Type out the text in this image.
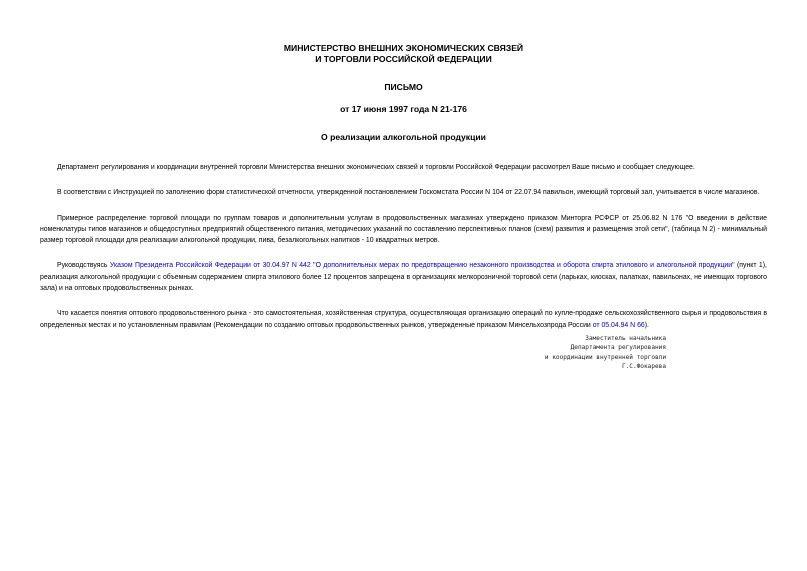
МИНИСТЕРСТВО ВНЕШНИХ ЭКОНОМИЧЕСКИХ СВЯЗЕЙ
И ТОРГОВЛИ РОССИЙСКОЙ ФЕДЕРАЦИИ
ПИСЬМО
от 17 июня 1997 года N 21-176
О реализации алкогольной продукции

Департамент регулирования и координации внутренней торговли Министерства внешних экономических связей и торговли Российской Федерации рассмотрел Ваше письмо и сообщает следующее.

В соответствии с Инструкцией по заполнению форм статистической отчетности, утвержденной постановлением Госкомстата России N 104 от 22.07.94 павильон, имеющий торговый зал, учитывается в числе магазинов.

Примерное распределение торговой площади по группам товаров и дополнительным услугам в продовольственных магазинах утверждено приказом Минторга РСФСР от 25.06.82 N 176 "О введении в действие номенклатуры типов магазинов и общедоступных предприятий общественного питания, методических указаний по составлению перспективных планов (схем) развития и размещения этой сети", (таблица N 2) - минимальный размер торговой площади для реализации алкогольной продукции, пива, безалкогольных напитков - 10 квадратных метров.

Руководствуясь Указом Президента Российской Федерации от 30.04.97 N 442 "О дополнительных мерах по предотвращению незаконного производства и оборота спирта этилового и алкогольной продукции" (пункт 1), реализация алкогольной продукции с объемным содержанием спирта этилового более 12 процентов запрещена в организациях мелкорозничной торговой сети (ларьках, киосках, палатках, павильонах, не имеющих торгового зала) и на оптовых продовольственных рынках.

Что касается понятия оптового продовольственного рынка - это самостоятельная, хозяйственная структура, осуществляющая организацию операций по купле-продаже сельскохозяйственного сырья и продовольствия в определенных местах и по установленным правилам (Рекомендации по созданию оптовых продовольственных рынков, утвержденные приказом Минсельхозпрода России от 05.04.94 N 66).

Заместитель начальника
Департамента регулирования
и координации внутренней торговли
Г.С.Фокарева
